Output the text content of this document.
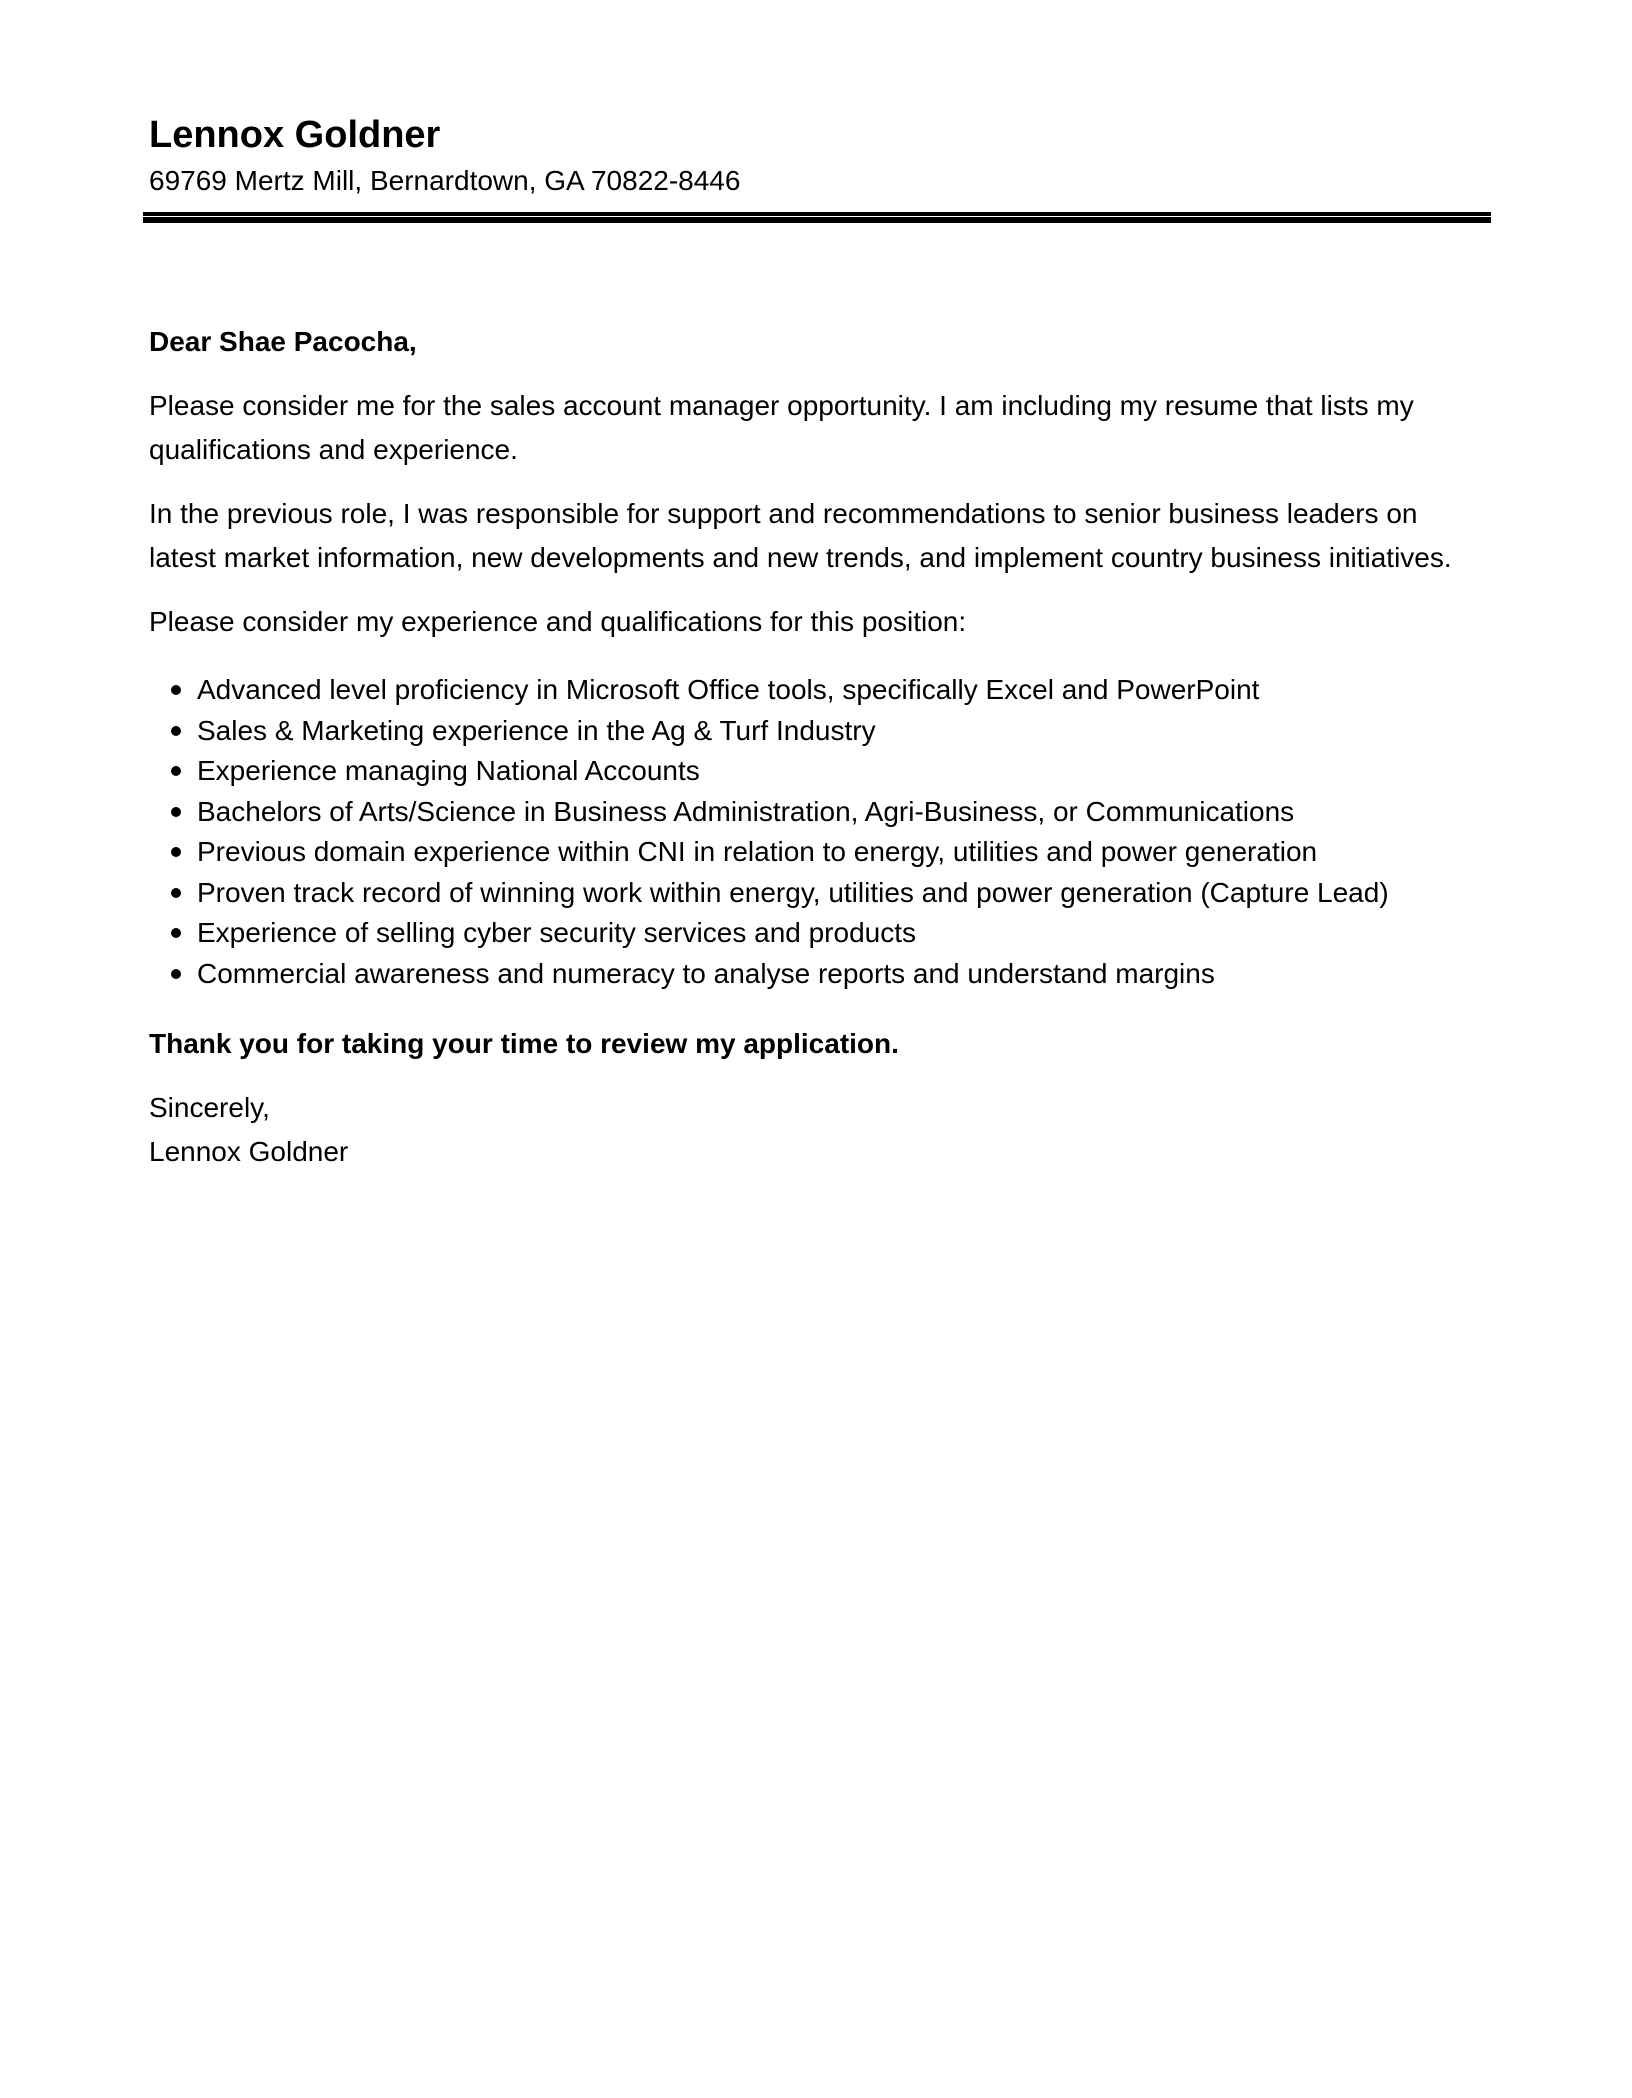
Lennox Goldner

69769 Mertz Mill, Bernardtown, GA 70822-8446

Dear Shae Pacocha,

Please consider me for the sales account manager opportunity. I am including my resume that lists my qualifications and experience.

In the previous role, I was responsible for support and recommendations to senior business leaders on latest market information, new developments and new trends, and implement country business initiatives.

Please consider my experience and qualifications for this position:

Advanced level proficiency in Microsoft Office tools, specifically Excel and PowerPoint
Sales & Marketing experience in the Ag & Turf Industry
Experience managing National Accounts
Bachelors of Arts/Science in Business Administration, Agri-Business, or Communications
Previous domain experience within CNI in relation to energy, utilities and power generation
Proven track record of winning work within energy, utilities and power generation (Capture Lead)
Experience of selling cyber security services and products
Commercial awareness and numeracy to analyse reports and understand margins

Thank you for taking your time to review my application.

Sincerely,

Lennox Goldner
